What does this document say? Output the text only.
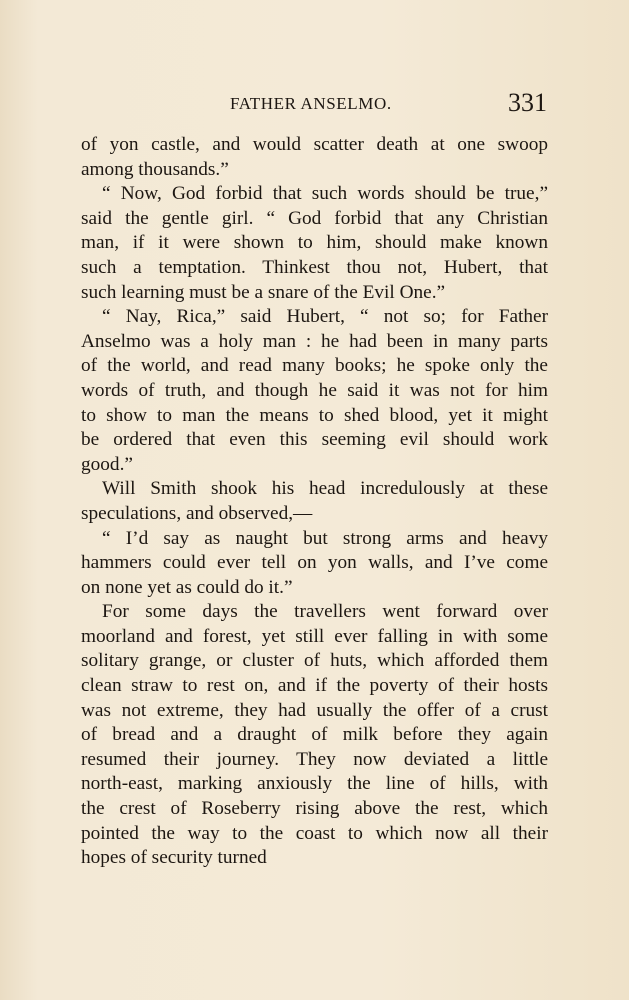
FATHER ANSELMO.	331
of yon castle, and would scatter death at one swoop
among thousands.”
“ Now, God forbid that such words should be true,”
said the gentle girl. “ God forbid that any Christian
man, if it were shown to him, should make known
such a temptation. Thinkest thou not, Hubert, that
such learning must be a snare of the Evil One.”
“ Nay, Rica,” said Hubert, “ not so; for Father
Anselmo was a holy man : he had been in many parts
of the world, and read many books; he spoke only the
words of truth, and though he said it was not for him
to show to man the means to shed blood, yet it might
be ordered that even this seeming evil should work
good.”
Will Smith shook his head incredulously at these
speculations, and observed,—
“ I’d say as naught but strong arms and heavy
hammers could ever tell on yon walls, and I’ve come
on none yet as could do it.”
For some days the travellers went forward over
moorland and forest, yet still ever falling in with some
solitary grange, or cluster of huts, which afforded them
clean straw to rest on, and if the poverty of their hosts
was not extreme, they had usually the offer of a crust
of bread and a draught of milk before they again
resumed their journey. They now deviated a little
north-east, marking anxiously the line of hills, with
the crest of Roseberry rising above the rest, which
pointed the way to the coast to which now all their
hopes of security turned
